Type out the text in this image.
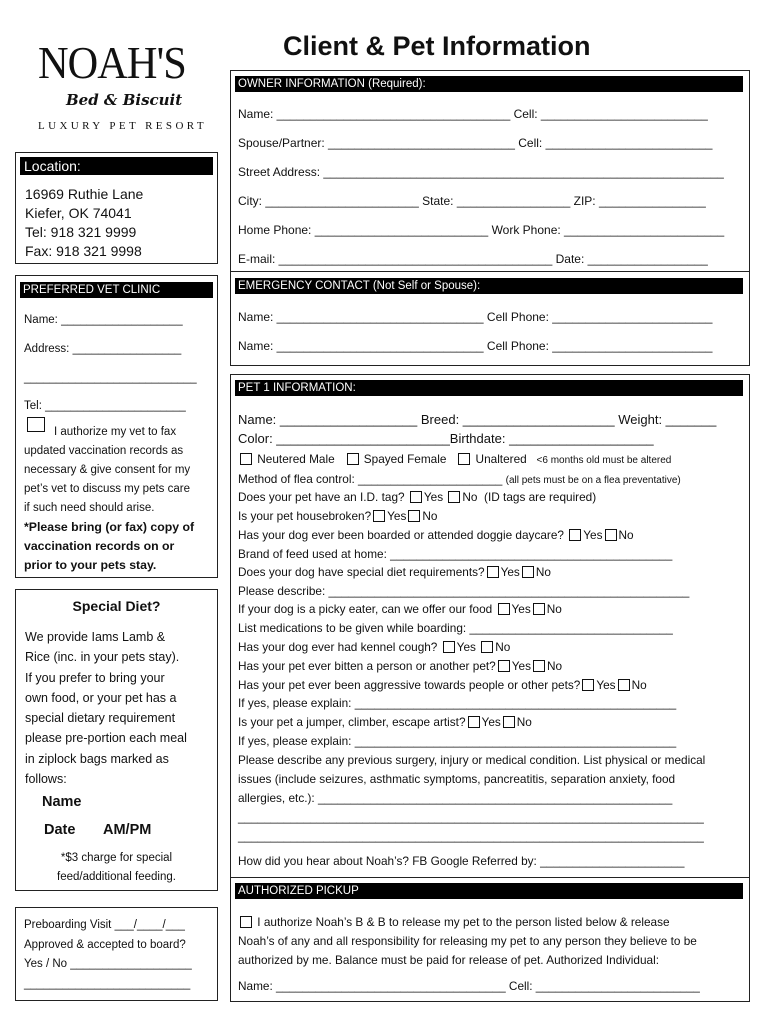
NOAH'S
Bed & Biscuit
LUXURY PET RESORT
Client & Pet Information
Location:
16969 Ruthie Lane
Kiefer, OK 74041
Tel: 918 321 9999
Fax: 918 321 9998
PREFERRED VET CLINIC
Name: ___________________
Address: _________________
___________________________
Tel: ______________________
I authorize my vet to fax
updated vaccination records as
necessary & give consent for my
pet’s vet to discuss my pets care
if such need should arise.
*Please bring (or fax) copy of
vaccination records on or
prior to your pets stay.
Special Diet?
We provide Iams Lamb &
Rice (inc. in your pets stay).
If you prefer to bring your
own food, or your pet has a
special dietary requirement
please pre-portion each meal
in ziplock bags marked as
follows:
Name
Date AM/PM
*$3 charge for special
feed/additional feeding.
Preboarding Visit ___/____/___
Approved & accepted to board?
Yes / No ___________________
__________________________
OWNER INFORMATION (Required):
Name: ___________________________________ Cell: _________________________
Spouse/Partner: ____________________________ Cell: _________________________
Street Address: ____________________________________________________________
City: _______________________ State: _________________ ZIP: ________________
Home Phone: __________________________ Work Phone: ________________________
E-mail: _________________________________________ Date: __________________
EMERGENCY CONTACT (Not Self or Spouse):
Name: _______________________________ Cell Phone: ________________________
Name: _______________________________ Cell Phone: ________________________
PET 1 INFORMATION:
Name: ___________________ Breed: _____________________ Weight: _______
Color: ________________________Birthdate: ____________________
Neutered Male Spayed Female Unaltered <6 months old must be altered
Method of flea control: ______________________ (all pets must be on a flea preventative)
Does your pet have an I.D. tag? Yes No (ID tags are required)
Is your pet housebroken? Yes No
Has your dog ever been boarded or attended doggie daycare? Yes No
Brand of feed used at home: ___________________________________________
Does your dog have special diet requirements? Yes No
Please describe: _______________________________________________________
If your dog is a picky eater, can we offer our food Yes No
List medications to be given while boarding: _______________________________
Has your dog ever had kennel cough? Yes No
Has your pet ever bitten a person or another pet? Yes No
Has your pet ever been aggressive towards people or other pets? Yes No
If yes, please explain: _________________________________________________
Is your pet a jumper, climber, escape artist? Yes No
If yes, please explain: _________________________________________________
Please describe any previous surgery, injury or medical condition. List physical or medical
issues (include seizures, asthmatic symptoms, pancreatitis, separation anxiety, food
allergies, etc.): ______________________________________________________
_______________________________________________________________________
_______________________________________________________________________
How did you hear about Noah’s? FB Google Referred by: ______________________
AUTHORIZED PICKUP
I authorize Noah’s B & B to release my pet to the person listed below & release
Noah’s of any and all responsibility for releasing my pet to any person they believe to be
authorized by me. Balance must be paid for release of pet. Authorized Individual:
Name: ___________________________________ Cell: _________________________
